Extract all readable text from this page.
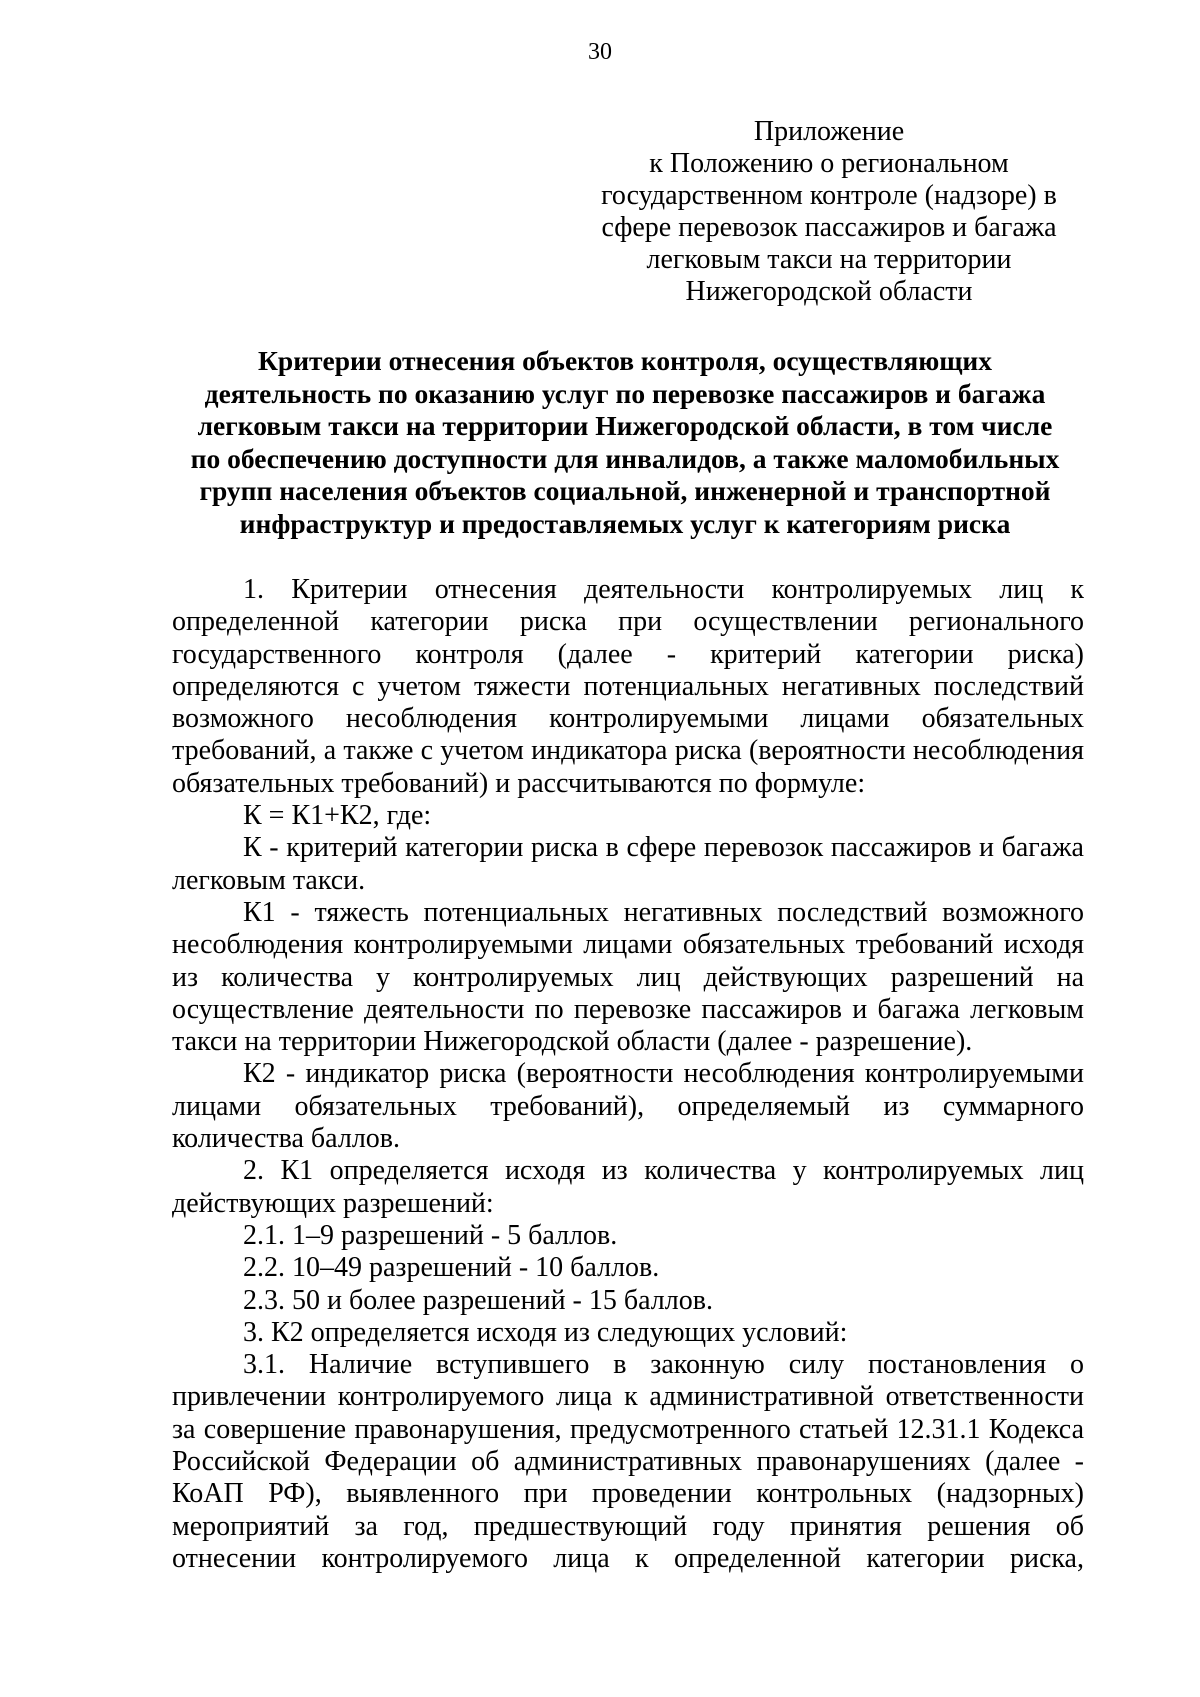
30
Приложение
к Положению о региональном
государственном контроле (надзоре) в
сфере перевозок пассажиров и багажа
легковым такси на территории
Нижегородской области
Критерии отнесения объектов контроля, осуществляющих
деятельность по оказанию услуг по перевозке пассажиров и багажа
легковым такси на территории Нижегородской области, в том числе
по обеспечению доступности для инвалидов, а также маломобильных
групп населения объектов социальной, инженерной и транспортной
инфраструктур и предоставляемых услуг к категориям риска
1. Критерии отнесения деятельности контролируемых лиц к определенной категории риска при осуществлении регионального государственного контроля (далее - критерий категории риска) определяются с учетом тяжести потенциальных негативных последствий возможного несоблюдения контролируемыми лицами обязательных требований, а также с учетом индикатора риска (вероятности несоблюдения обязательных требований) и рассчитываются по формуле:
К = К1+К2, где:
К - критерий категории риска в сфере перевозок пассажиров и багажа легковым такси.
К1 - тяжесть потенциальных негативных последствий возможного несоблюдения контролируемыми лицами обязательных требований исходя из количества у контролируемых лиц действующих разрешений на осуществление деятельности по перевозке пассажиров и багажа легковым такси на территории Нижегородской области (далее - разрешение).
К2 - индикатор риска (вероятности несоблюдения контролируемыми лицами обязательных требований), определяемый из суммарного количества баллов.
2. К1 определяется исходя из количества у контролируемых лиц действующих разрешений:
2.1. 1–9 разрешений - 5 баллов.
2.2. 10–49 разрешений - 10 баллов.
2.3. 50 и более разрешений - 15 баллов.
3. К2 определяется исходя из следующих условий:
3.1. Наличие вступившего в законную силу постановления о привлечении контролируемого лица к административной ответственности за совершение правонарушения, предусмотренного статьей 12.31.1 Кодекса Российской Федерации об административных правонарушениях (далее - КоАП РФ), выявленного при проведении контрольных (надзорных) мероприятий за год, предшествующий году принятия решения об отнесении контролируемого лица к определенной категории риска,
